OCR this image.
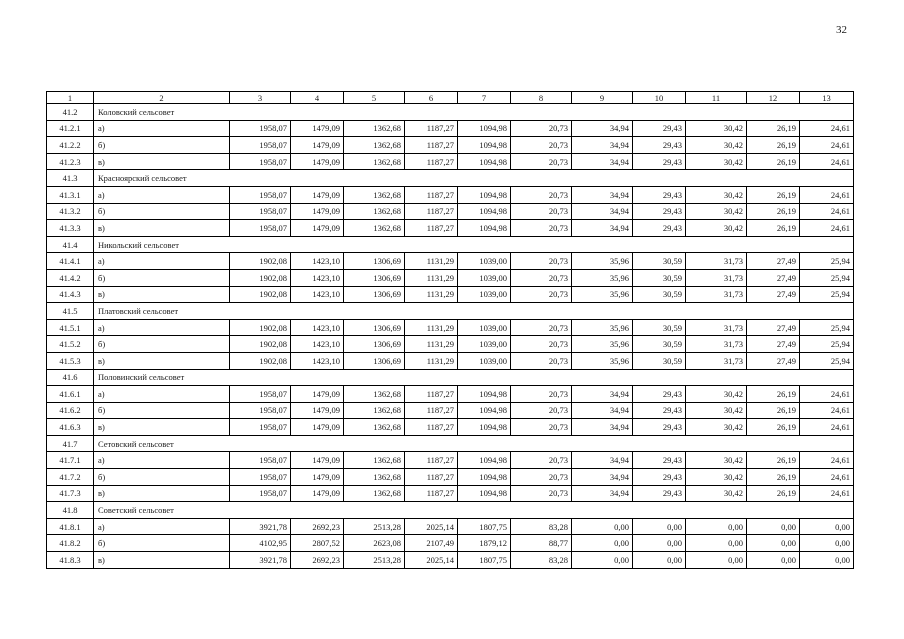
32
1	2	3	4	5	6	7	8	9	10	11	12	13
41.2	Коловский сельсовет											
41.2.1	а)	1958,07	1479,09	1362,68	1187,27	1094,98	20,73	34,94	29,43	30,42	26,19	24,61
41.2.2	б)	1958,07	1479,09	1362,68	1187,27	1094,98	20,73	34,94	29,43	30,42	26,19	24,61
41.2.3	в)	1958,07	1479,09	1362,68	1187,27	1094,98	20,73	34,94	29,43	30,42	26,19	24,61
41.3	Красноярский сельсовет											
41.3.1	а)	1958,07	1479,09	1362,68	1187,27	1094,98	20,73	34,94	29,43	30,42	26,19	24,61
41.3.2	б)	1958,07	1479,09	1362,68	1187,27	1094,98	20,73	34,94	29,43	30,42	26,19	24,61
41.3.3	в)	1958,07	1479,09	1362,68	1187,27	1094,98	20,73	34,94	29,43	30,42	26,19	24,61
41.4	Никольский сельсовет											
41.4.1	а)	1902,08	1423,10	1306,69	1131,29	1039,00	20,73	35,96	30,59	31,73	27,49	25,94
41.4.2	б)	1902,08	1423,10	1306,69	1131,29	1039,00	20,73	35,96	30,59	31,73	27,49	25,94
41.4.3	в)	1902,08	1423,10	1306,69	1131,29	1039,00	20,73	35,96	30,59	31,73	27,49	25,94
41.5	Платовский сельсовет											
41.5.1	а)	1902,08	1423,10	1306,69	1131,29	1039,00	20,73	35,96	30,59	31,73	27,49	25,94
41.5.2	б)	1902,08	1423,10	1306,69	1131,29	1039,00	20,73	35,96	30,59	31,73	27,49	25,94
41.5.3	в)	1902,08	1423,10	1306,69	1131,29	1039,00	20,73	35,96	30,59	31,73	27,49	25,94
41.6	Половинский сельсовет											
41.6.1	а)	1958,07	1479,09	1362,68	1187,27	1094,98	20,73	34,94	29,43	30,42	26,19	24,61
41.6.2	б)	1958,07	1479,09	1362,68	1187,27	1094,98	20,73	34,94	29,43	30,42	26,19	24,61
41.6.3	в)	1958,07	1479,09	1362,68	1187,27	1094,98	20,73	34,94	29,43	30,42	26,19	24,61
41.7	Сетовский сельсовет											
41.7.1	а)	1958,07	1479,09	1362,68	1187,27	1094,98	20,73	34,94	29,43	30,42	26,19	24,61
41.7.2	б)	1958,07	1479,09	1362,68	1187,27	1094,98	20,73	34,94	29,43	30,42	26,19	24,61
41.7.3	в)	1958,07	1479,09	1362,68	1187,27	1094,98	20,73	34,94	29,43	30,42	26,19	24,61
41.8	Советский сельсовет											
41.8.1	а)	3921,78	2692,23	2513,28	2025,14	1807,75	83,28	0,00	0,00	0,00	0,00	0,00
41.8.2	б)	4102,95	2807,52	2623,08	2107,49	1879,12	88,77	0,00	0,00	0,00	0,00	0,00
41.8.3	в)	3921,78	2692,23	2513,28	2025,14	1807,75	83,28	0,00	0,00	0,00	0,00	0,00
